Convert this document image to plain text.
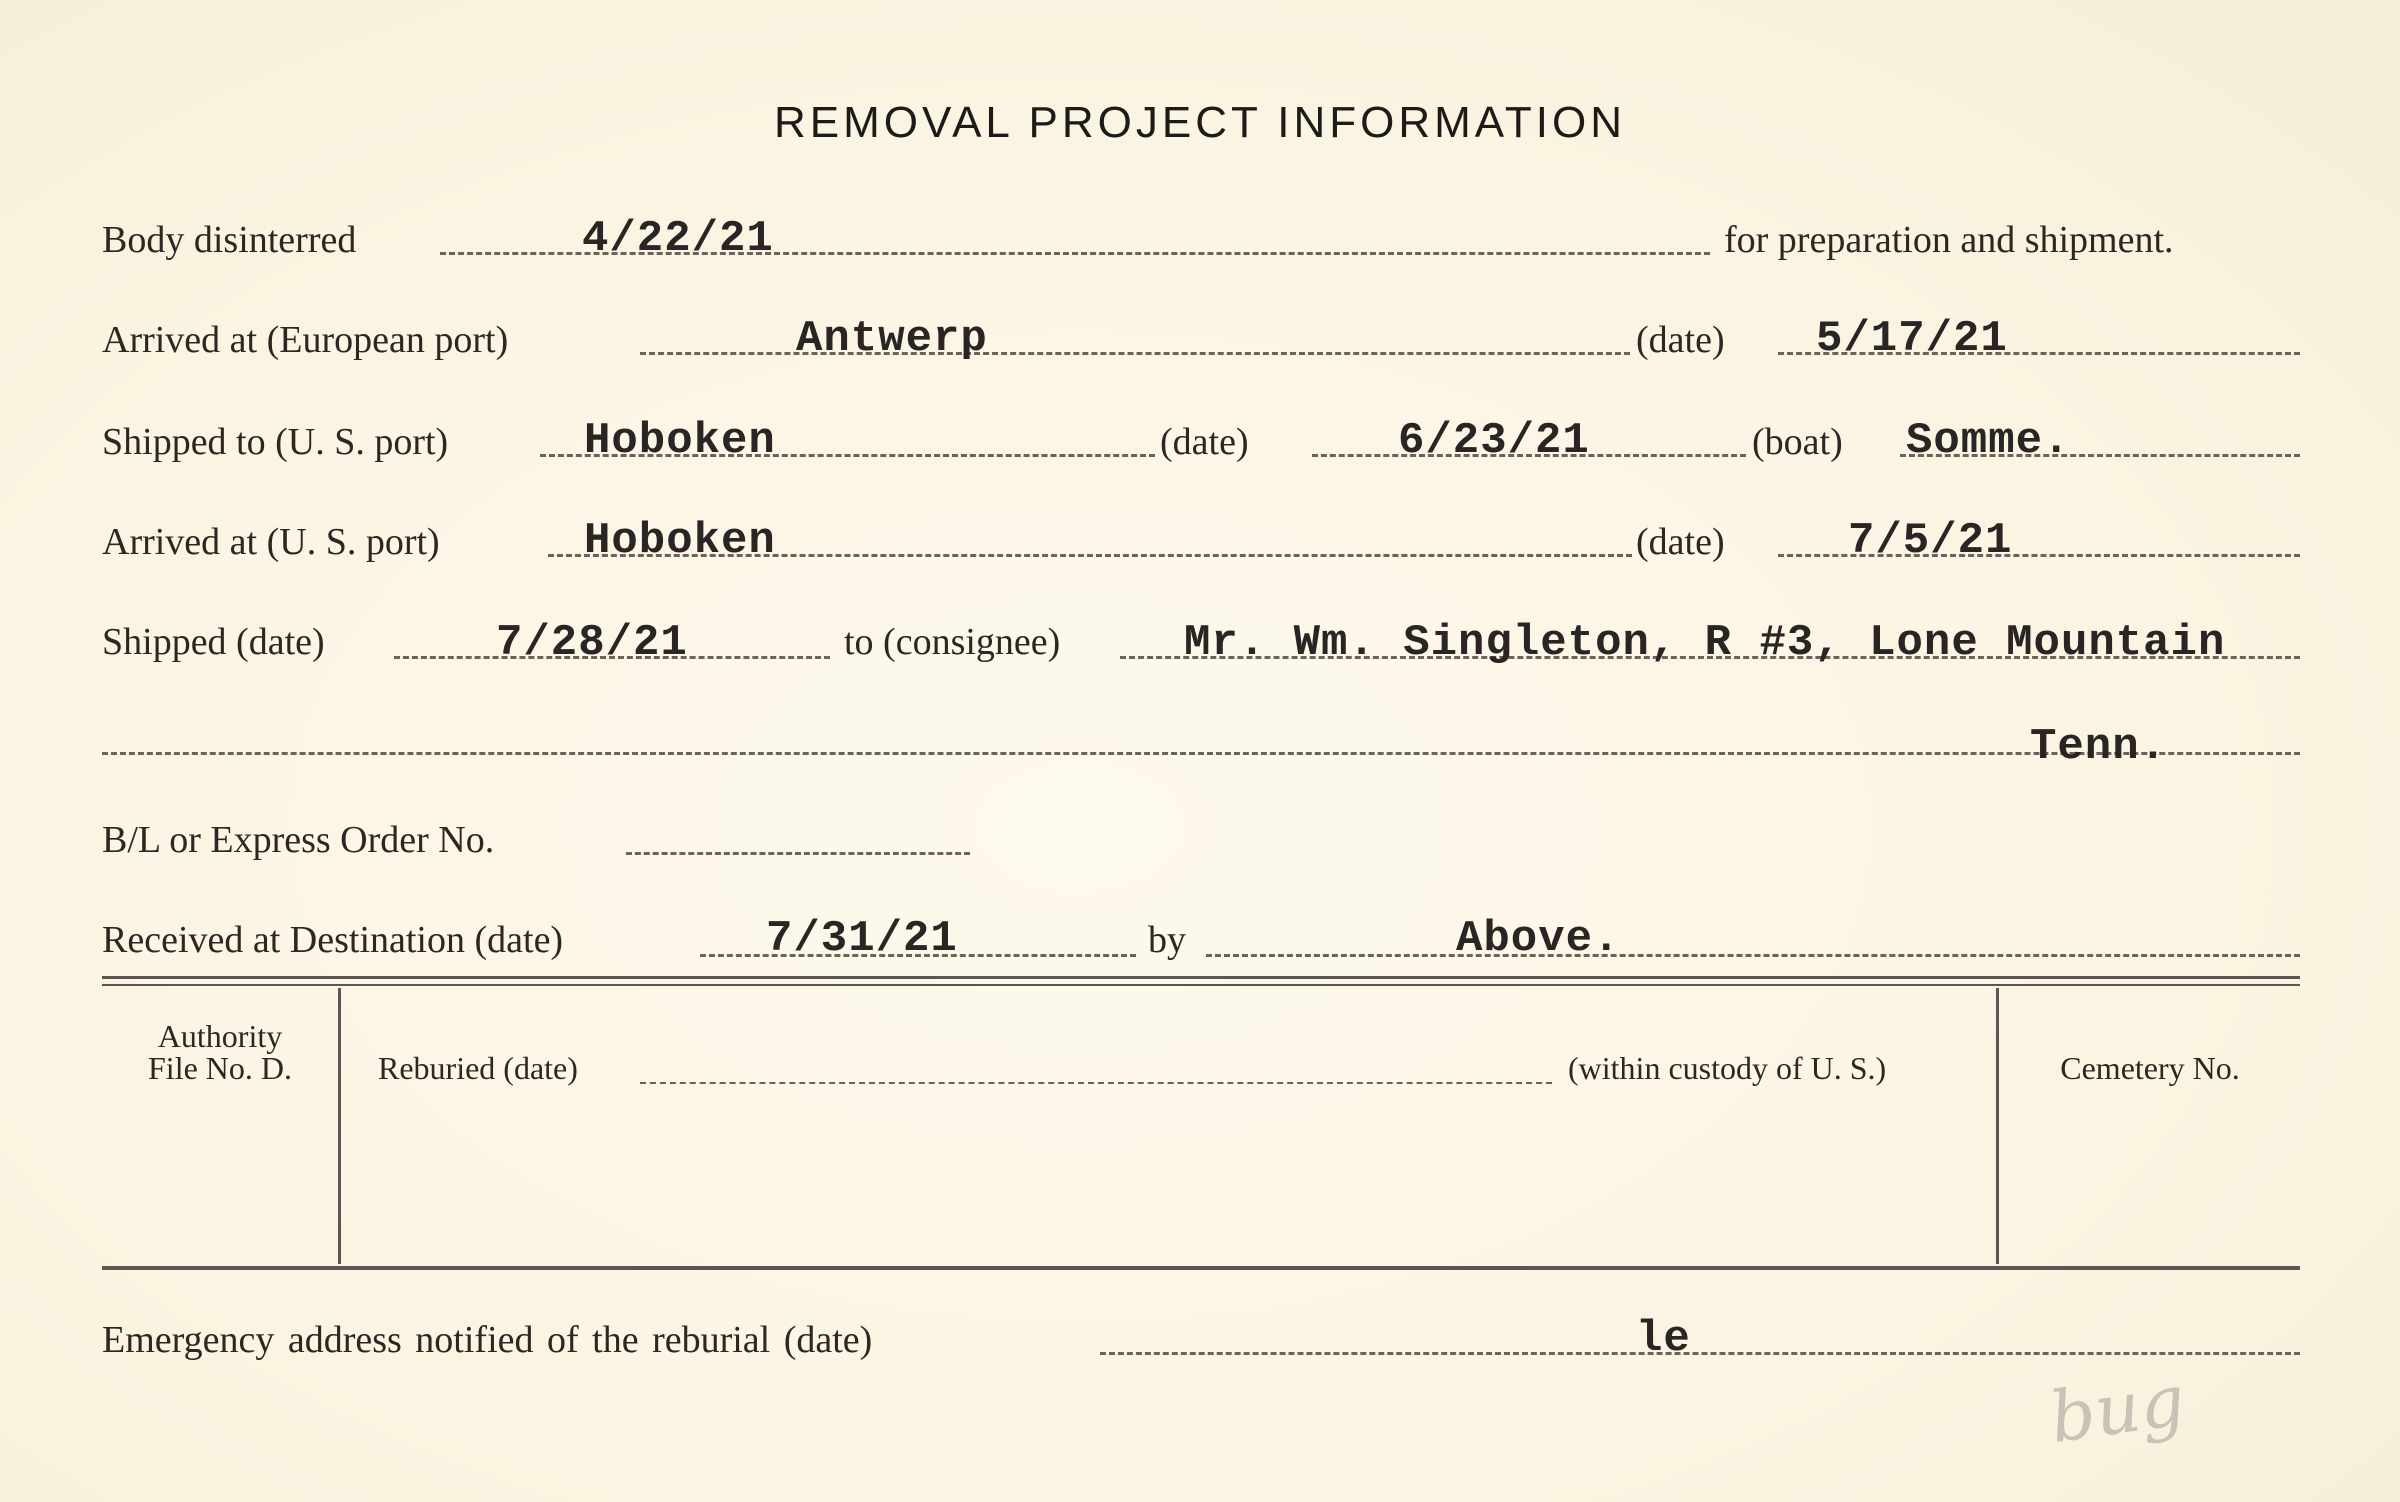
REMOVAL PROJECT INFORMATION
Body disinterred	4/22/21	for preparation and shipment.
Arrived at (European port)	Antwerp	(date) 5/17/21
Shipped to (U. S. port)	Hoboken	(date)	6/23/21	(boat) Somme.
Arrived at (U. S. port)	Hoboken	(date)	7/5/21
Shipped (date)	7/28/21	to (consignee)	Mr. Wm. Singleton, R #3, Lone Mountain
Tenn.
B/L or Express Order No.
Received at Destination (date)	7/31/21	by	Above.
Authority
File No. D.	Reburied (date)	(within custody of U. S.)	Cemetery No.
Emergency address notified of the reburial (date)	le
bug
